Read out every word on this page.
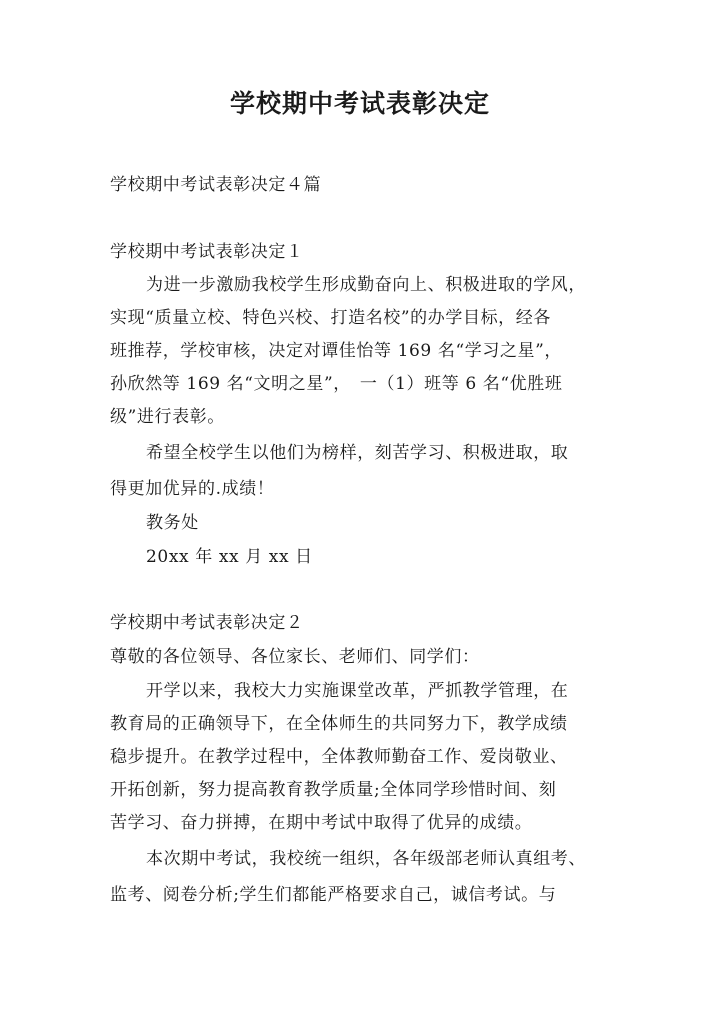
学校期中考试表彰决定
学校期中考试表彰决定４篇
学校期中考试表彰决定１
为进一步激励我校学生形成勤奋向上、积极进取的学风，
实现“质量立校、特色兴校、打造名校”的办学目标，经各
班推荐，学校审核，决定对谭佳怡等 169 名“学习之星”，
孙欣然等 169 名“文明之星”，　一（1）班等 6 名“优胜班
级”进行表彰。
希望全校学生以他们为榜样，刻苦学习、积极进取，取
得更加优异的.成绩！
教务处
20xx 年 xx 月 xx 日
学校期中考试表彰决定２
尊敬的各位领导、各位家长、老师们、同学们：
开学以来，我校大力实施课堂改革，严抓教学管理，在
教育局的正确领导下，在全体师生的共同努力下，教学成绩
稳步提升。在教学过程中，全体教师勤奋工作、爱岗敬业、
开拓创新，努力提高教育教学质量;全体同学珍惜时间、刻
苦学习、奋力拼搏，在期中考试中取得了优异的成绩。
本次期中考试，我校统一组织，各年级部老师认真组考、
监考、阅卷分析;学生们都能严格要求自己，诚信考试。与
